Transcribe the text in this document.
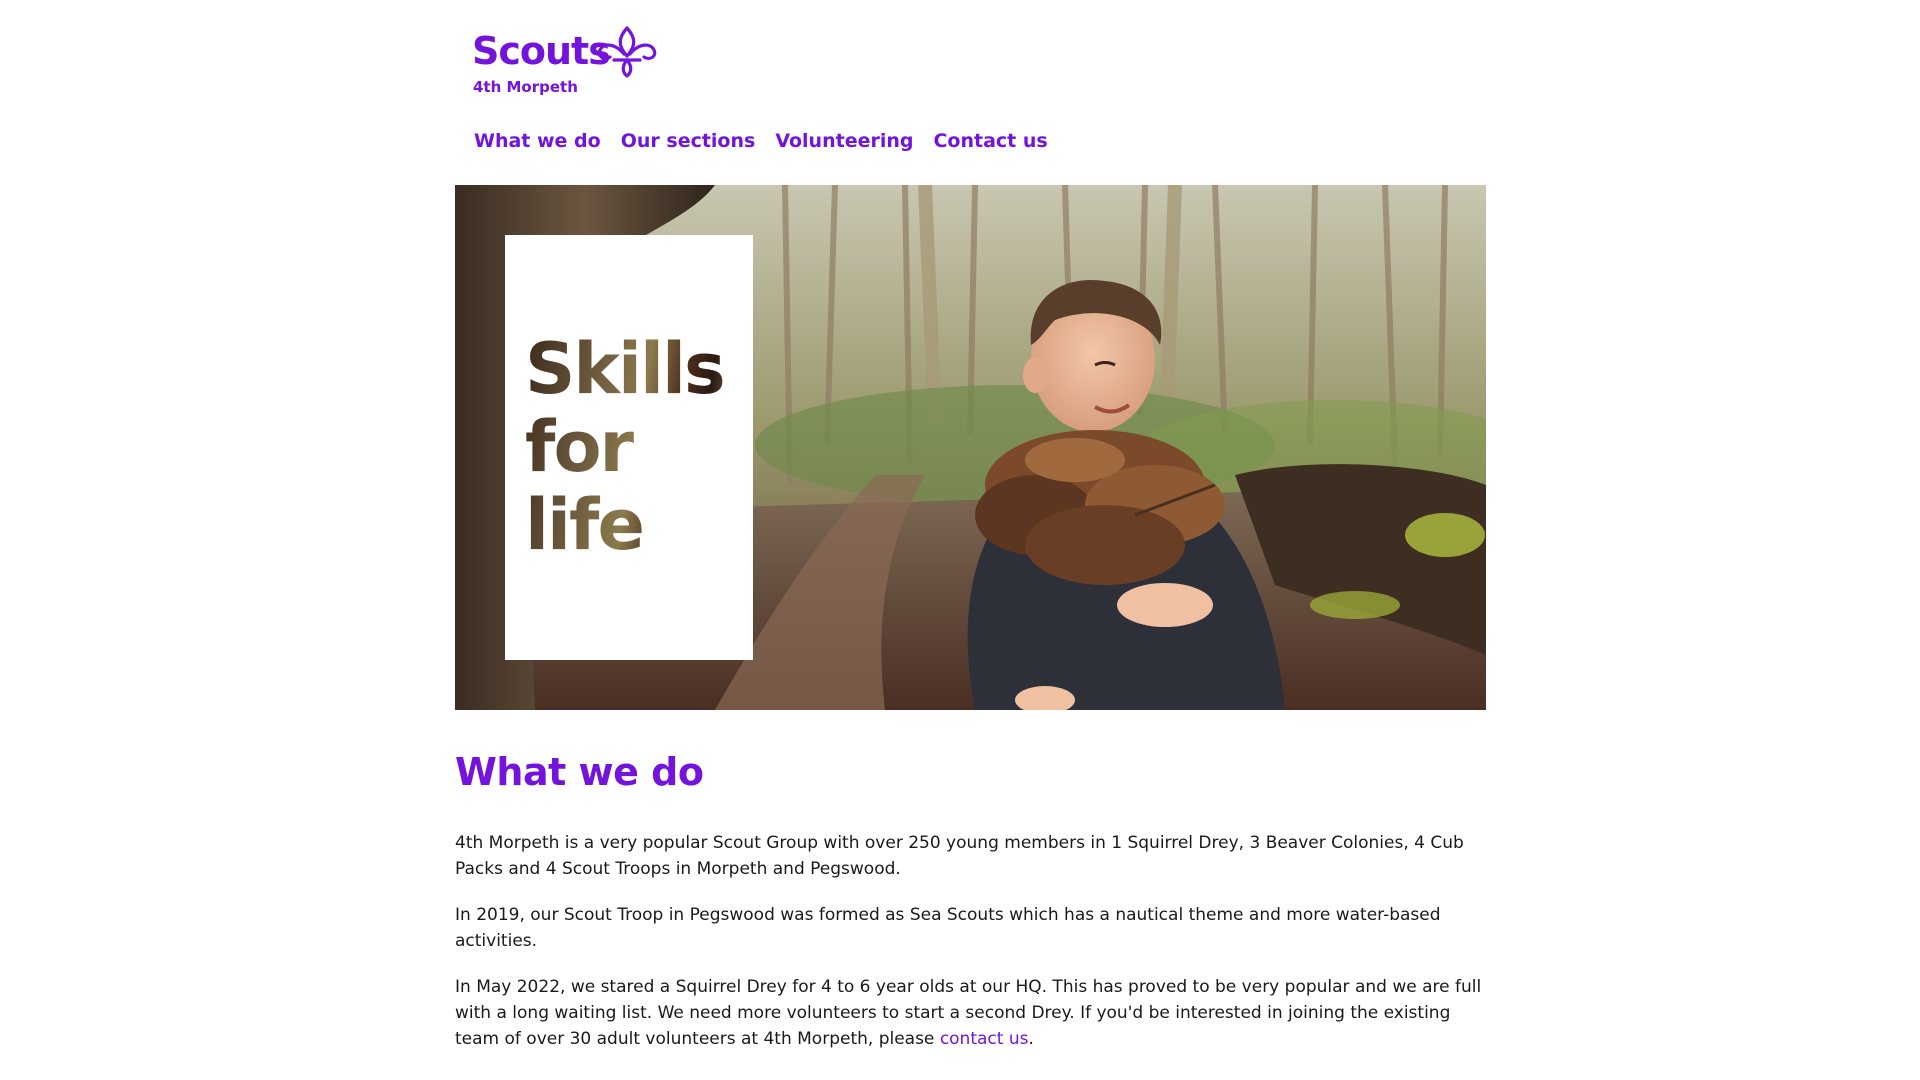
Scouts
4th Morpeth
What we do	Our sections	Volunteering	Contact us
Skills
for
life
What we do

4th Morpeth is a very popular Scout Group with over 250 young members in 1 Squirrel Drey, 3 Beaver Colonies, 4 Cub Packs and 4 Scout Troops in Morpeth and Pegswood.

In 2019, our Scout Troop in Pegswood was formed as Sea Scouts which has a nautical theme and more water-based activities.

In May 2022, we stared a Squirrel Drey for 4 to 6 year olds at our HQ. This has proved to be very popular and we are full with a long waiting list. We need more volunteers to start a second Drey. If you'd be interested in joining the existing team of over 30 adult volunteers at 4th Morpeth, please contact us.
